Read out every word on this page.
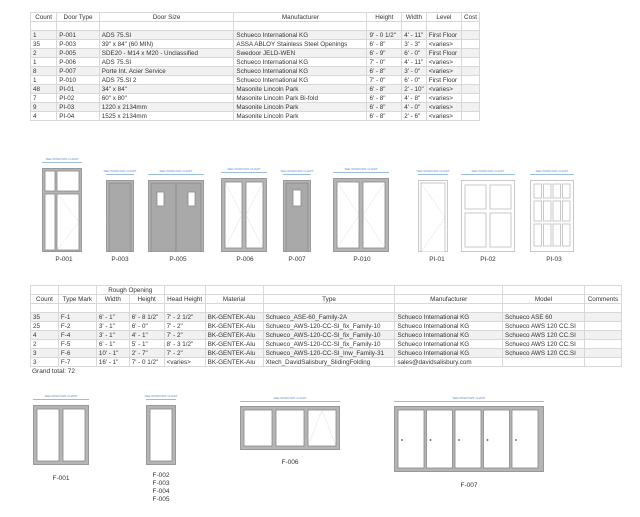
Count	Door Type	Door Size	Manufacturer	Height	Width	Level	Cost

1	P-001	ADS 75.SI	Schueco International KG	9' - 0 1/2"	4' - 11"	First Floor	
35	P-003	39" x 84" (60 MIN)	ASSA ABLOY Stainless Steel Openings	6' - 8"	3' - 3"	<varies>	
2	P-005	SDE20 - M14 x M20 - Unclassified	Swedoor JELD-WEN	6' - 9"	6' - 0"	First Floor	
1	P-006	ADS 75.SI	Schueco International KG	7' - 0"	4' - 11"	<varies>	
8	P-007	Porte Int. Acier Service	Schueco International KG	6' - 8"	3' - 0"	<varies>	
1	P-010	ADS 75.SI 2	Schueco International KG	7' - 0"	6' - 0"	First Floor	
48	PI-01	34" x 84"	Masonite Lincoln Park	6' - 8"	2' - 10"	<varies>	
7	PI-02	60" x 80"	Masonite Lincoln Park Bi-fold	6' - 8"	4' - 8"	<varies>	
9	PI-03	1220 x 2134mm	Masonite Lincoln Park	6' - 8"	4' - 0"	<varies>	
4	PI-04	1525 x 2134mm	Masonite Lincoln Park	6' - 8"	2' - 6"	<varies>	
SEE WINDOWS CHART
P-001
SEE WINDOWS CHART
P-003
SEE WINDOWS CHART
P-005
SEE WINDOWS CHART
P-006
SEE WINDOWS CHART
P-007
SEE WINDOWS CHART
P-010
SEE WINDOWS CHART
PI-01
SEE WINDOWS CHART
PI-02
SEE WINDOWS CHART
PI-03
		Rough Opening							
Count	Type Mark	Width	Height	Head Height	Material	Type	Manufacturer	Model	Comments

35	F-1	6' - 1"	6' - 8 1/2"	7' - 2 1/2"	BK-GENTEK-Alu	Schueco_ASE-60_Family-2A	Schueco International KG	Schueco ASE 60	
25	F-2	3' - 1"	6' - 0"	7' - 2"	BK-GENTEK-Alu	Schueco_AWS-120-CC-SI_fix_Family-10	Schueco International KG	Schueco AWS 120 CC.SI	
4	F-4	3' - 1"	4' - 1"	7' - 2"	BK-GENTEK-Alu	Schueco_AWS-120-CC-SI_fix_Family-10	Schueco International KG	Schueco AWS 120 CC.SI	
2	F-5	6' - 1"	5' - 1"	8' - 3 1/2"	BK-GENTEK-Alu	Schueco_AWS-120-CC-SI_fix_Family-10	Schueco International KG	Schueco AWS 120 CC.SI	
3	F-6	10' - 1"	2' - 7"	7' - 2"	BK-GENTEK-Alu	Schueco_AWS-120-CC-SI_Inw_Family-31	Schueco International KG	Schueco AWS 120 CC.SI	
3	F-7	16' - 1"	7' - 0 1/2"	<varies>	BK-GENTEK-Alu	Xtech_DavidSalisbury_SlidingFolding	sales@davidsalisbury.com		
Grand total: 72
SEE WINDOWS CHART
F-001
SEE WINDOWS CHART
F-002
F-003
F-004
F-005
SEE WINDOWS CHART
F-006
SEE WINDOWS CHART
F-007
